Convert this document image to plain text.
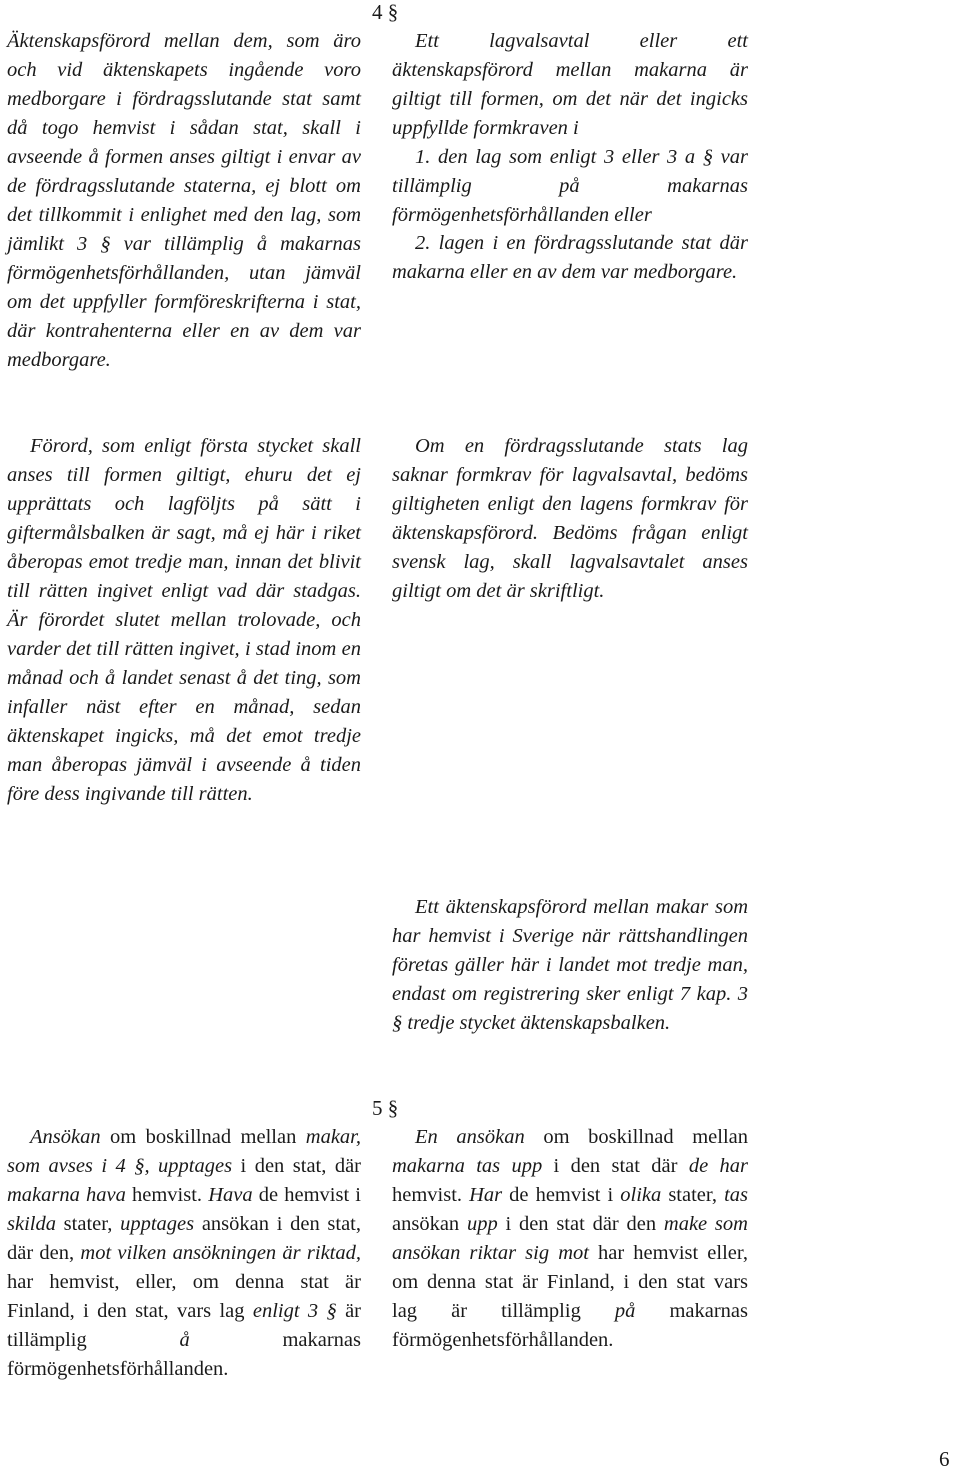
Äktenskapsförord mellan dem, som äro och vid äktenskapets ingående voro medborgare i fördragsslutande stat samt då togo hemvist i sådan stat, skall i avseende å formen anses giltigt i envar av de fördragsslutande staterna, ej blott om det tillkommit i enlighet med den lag, som jämlikt 3 § var tillämplig å makarnas förmögenhetsförhållanden, utan jämväl om det uppfyller formföreskrifterna i stat, där kontrahenterna eller en av dem var medborgare.

Förord, som enligt första stycket skall anses till formen giltigt, ehuru det ej upprättats och lagföljts på sätt i giftermålsbalken är sagt, må ej här i riket åberopas emot tredje man, innan det blivit till rätten ingivet enligt vad där stadgas. Är förordet slutet mellan trolovade, och varder det till rätten ingivet, i stad inom en månad och å landet senast å det ting, som infaller näst efter en månad, sedan äktenskapet ingicks, må det emot tredje man åberopas jämväl i avseende å tiden före dess ingivande till rätten.

Ansökan om boskillnad mellan makar, som avses i 4 §, upptages i den stat, där makarna hava hemvist. Hava de hemvist i skilda stater, upptages ansökan i den stat, där den, mot vilken ansökningen är riktad, har hemvist, eller, om denna stat är Finland, i den stat, vars lag enligt 3 § är tillämplig å makarnas förmögenhetsförhållanden.

4 §

Ett lagvalsavtal eller ett äktenskapsförord mellan makarna är giltigt till formen, om det när det ingicks uppfyllde formkraven i

1. den lag som enligt 3 eller 3 a § var tillämplig på makarnas förmögenhetsförhållanden eller

2. lagen i en fördragsslutande stat där makarna eller en av dem var medborgare.

Om en fördragsslutande stats lag saknar formkrav för lagvalsavtal, bedöms giltigheten enligt den lagens formkrav för äktenskapsförord. Bedöms frågan enligt svensk lag, skall lagvalsavtalet anses giltigt om det är skriftligt.

Ett äktenskapsförord mellan makar som har hemvist i Sverige när rättshandlingen företas gäller här i landet mot tredje man, endast om registrering sker enligt 7 kap. 3 § tredje stycket äktenskapsbalken.

5 §

En ansökan om boskillnad mellan makarna tas upp i den stat där de har hemvist. Har de hemvist i olika stater, tas ansökan upp i den stat där den make som ansökan riktar sig mot har hemvist eller, om denna stat är Finland, i den stat vars lag är tillämplig på makarnas förmögenhetsförhållanden.

6
